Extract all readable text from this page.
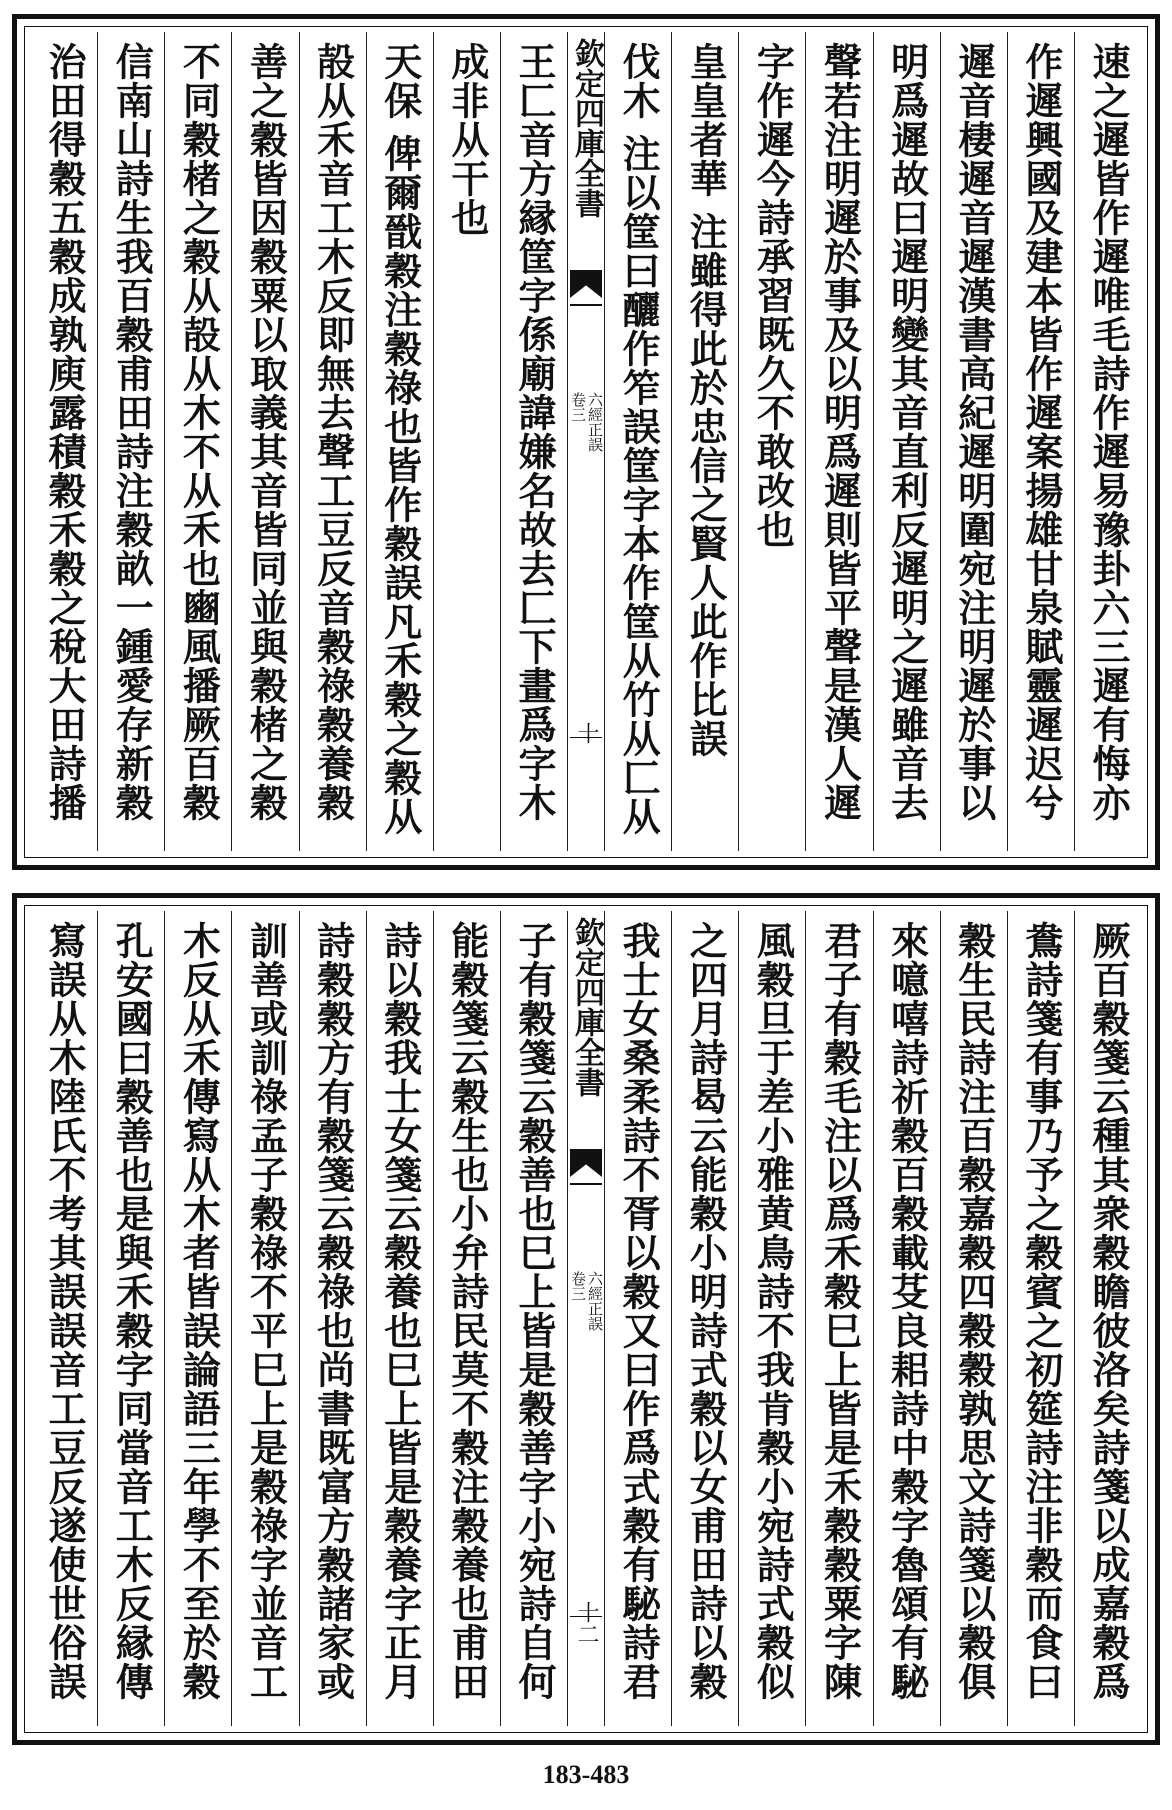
速之遲皆作遲唯毛詩作遲易豫卦六三遲有悔亦
作遲興國及建本皆作遲案揚雄甘泉賦靈遲迟兮
遲音棲遲音遲漢書高紀遲明圍宛注明遲於事以
明爲遲故曰遲明變其音直利反遲明之遲雖音去
聲若注明遲於事及以明爲遲則皆平聲是漢人遲
字作遲今詩承習既久不敢改也
皇皇者華 注雖得此於忠信之賢人此作比誤
伐木 注以筐曰釃作笮誤筐字本作筐从竹从匚从
欽定四庫全書
六經正誤
卷三
十
王匚音方縁筐字係廟諱嫌名故去匚下畫爲字木
成非从干也
天保 俾爾戩穀注穀祿也皆作穀誤凡禾穀之穀从
㱿从禾音工木反即無去聲工豆反音穀祿穀養穀
善之穀皆因穀粟以取義其音皆同並與穀楮之穀
不同穀楮之穀从㱿从木不从禾也豳風播厥百穀
信南山詩生我百穀甫田詩注穀畝一鍾愛存新穀
治田得穀五穀成孰庾露積穀禾穀之稅大田詩播
厥百穀箋云種其衆穀瞻彼洛矣詩箋以成嘉穀爲
鴦詩箋有事乃予之穀賓之初筵詩注非穀而食曰
穀生民詩注百穀嘉穀四穀穀孰思文詩箋以穀俱
來噫嘻詩祈穀百穀載芟良耜詩中穀字魯頌有駜
君子有穀毛注以爲禾穀巳上皆是禾穀穀粟字陳
風穀旦于差小雅黄鳥詩不我肯穀小宛詩式穀似
之四月詩曷云能穀小明詩式穀以女甫田詩以穀
我士女桑柔詩不胥以穀又曰作爲式穀有駜詩君
欽定四庫全書
六經正誤
卷三
十二
子有穀箋云穀善也巳上皆是穀善字小宛詩自何
能穀箋云穀生也小弁詩民莫不穀注穀養也甫田
詩以穀我士女箋云穀養也巳上皆是穀養字正月
詩穀穀方有穀箋云穀祿也尚書既富方穀諸家或
訓善或訓祿孟子穀祿不平巳上是穀祿字並音工
木反从禾傳寫从木者皆誤論語三年學不至於穀
孔安國曰穀善也是與禾穀字同當音工木反縁傳
寫誤从木陸氏不考其誤誤音工豆反遂使世俗誤
183-483
